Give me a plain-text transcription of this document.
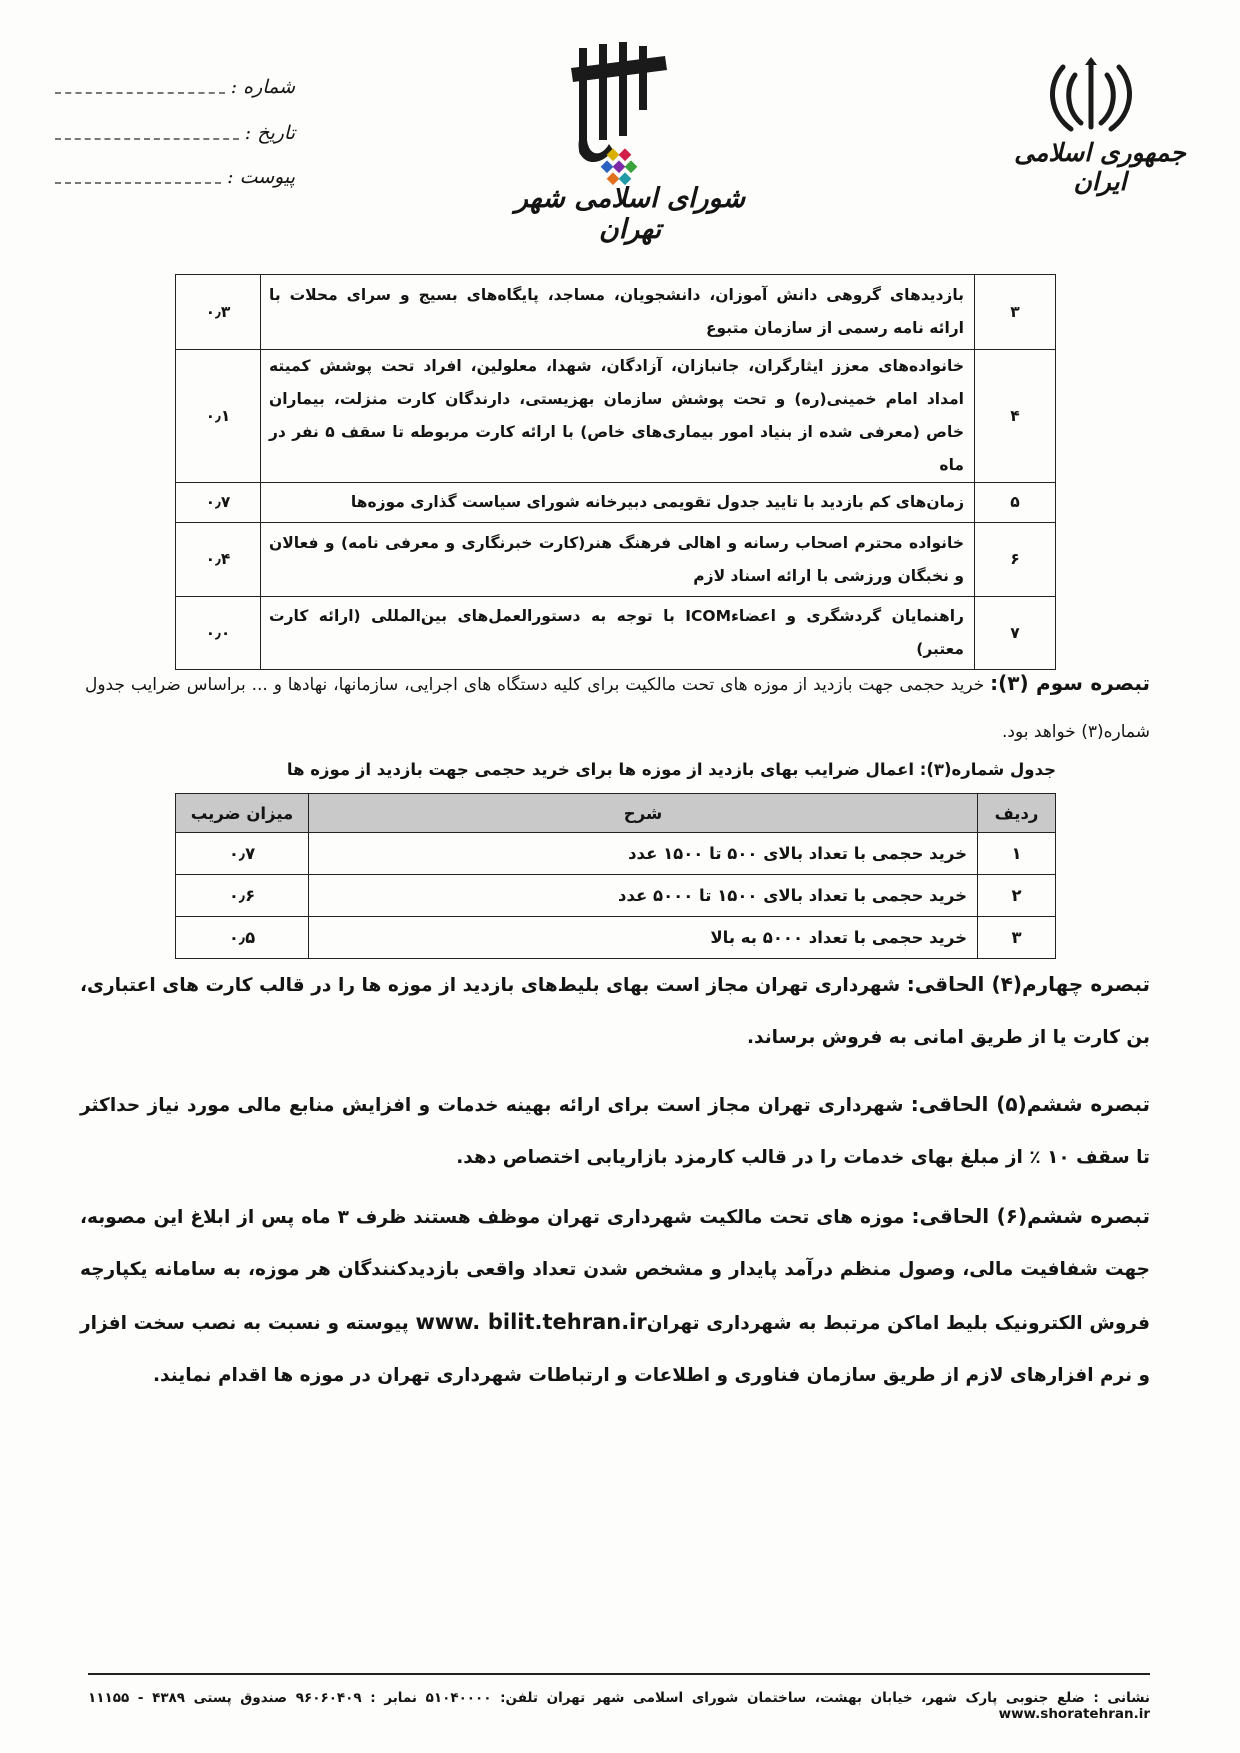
جمهوری اسلامی ایران
شورای اسلامی شهر تهران
شماره :
تاریخ :
پیوست :
۳	بازدیدهای گروهی دانش آموزان، دانشجویان، مساجد، پایگاه‌های بسیج و سرای محلات با ارائه نامه رسمی از سازمان متبوع	۰٫۳
۴	خانواده‌های معزز ایثارگران، جانبازان، آزادگان، شهدا، معلولین، افراد تحت پوشش کمیته امداد امام خمینی(ره) و تحت پوشش سازمان بهزیستی، دارندگان کارت منزلت، بیماران خاص (معرفی شده از بنیاد امور بیماری‌های خاص) با ارائه کارت مربوطه تا سقف ۵ نفر در ماه	۰٫۱
۵	زمان‌های کم بازدید با تایید جدول تقویمی دبیرخانه شورای سیاست گذاری موزه‌ها	۰٫۷
۶	خانواده محترم اصحاب رسانه و اهالی فرهنگ هنر(کارت خبرنگاری و معرفی نامه) و فعالان و نخبگان ورزشی با ارائه اسناد لازم	۰٫۴
۷	راهنمایان گردشگری و اعضاءICOM با توجه به دستورالعمل‌های بین‌المللی (ارائه کارت معتبر)	۰٫۰
تبصره سوم (۳): خرید حجمی جهت بازدید از موزه های تحت مالکیت برای کلیه دستگاه های اجرایی، سازمانها، نهادها و ... براساس ضرایب جدول شماره(۳) خواهد بود.
جدول شماره(۳): اعمال ضرایب بهای بازدید از موزه ها برای خرید حجمی جهت بازدید از موزه ها
ردیف	شرح	میزان ضریب
۱	خرید حجمی با تعداد بالای ۵۰۰ تا ۱۵۰۰ عدد	۰٫۷
۲	خرید حجمی با تعداد بالای ۱۵۰۰ تا ۵۰۰۰ عدد	۰٫۶
۳	خرید حجمی با تعداد ۵۰۰۰ به بالا	۰٫۵
تبصره چهارم(۴) الحاقی: شهرداری تهران مجاز است بهای بلیط‌های بازدید از موزه ها را در قالب کارت های اعتباری، بن کارت یا از طریق امانی به فروش برساند.
تبصره ششم(۵) الحاقی: شهرداری تهران مجاز است برای ارائه بهینه خدمات و افزایش منابع مالی مورد نیاز حداکثر تا سقف ۱۰ ٪ از مبلغ بهای خدمات را در قالب کارمزد بازاریابی اختصاص دهد.
تبصره ششم(۶) الحاقی: موزه های تحت مالکیت شهرداری تهران موظف هستند ظرف ۳ ماه پس از ابلاغ این مصوبه، جهت شفافیت مالی، وصول منظم درآمد پایدار و مشخص شدن تعداد واقعی بازدیدکنندگان هر موزه، به سامانه یکپارچه فروش الکترونیک بلیط اماکن مرتبط به شهرداری تهرانwww. bilit.tehran.ir پیوسته و نسبت به نصب سخت افزار و نرم افزارهای لازم از طریق سازمان فناوری و اطلاعات و ارتباطات شهرداری تهران در موزه ها اقدام نمایند.
نشانی : ضلع جنوبی پارک شهر، خیابان بهشت، ساختمان شورای اسلامی شهر تهران تلفن: ۵۱۰۴۰۰۰۰ نمابر : ۹۶۰۶۰۴۰۹ صندوق پستی ۴۳۸۹ - ۱۱۱۵۵ www.shoratehran.ir
